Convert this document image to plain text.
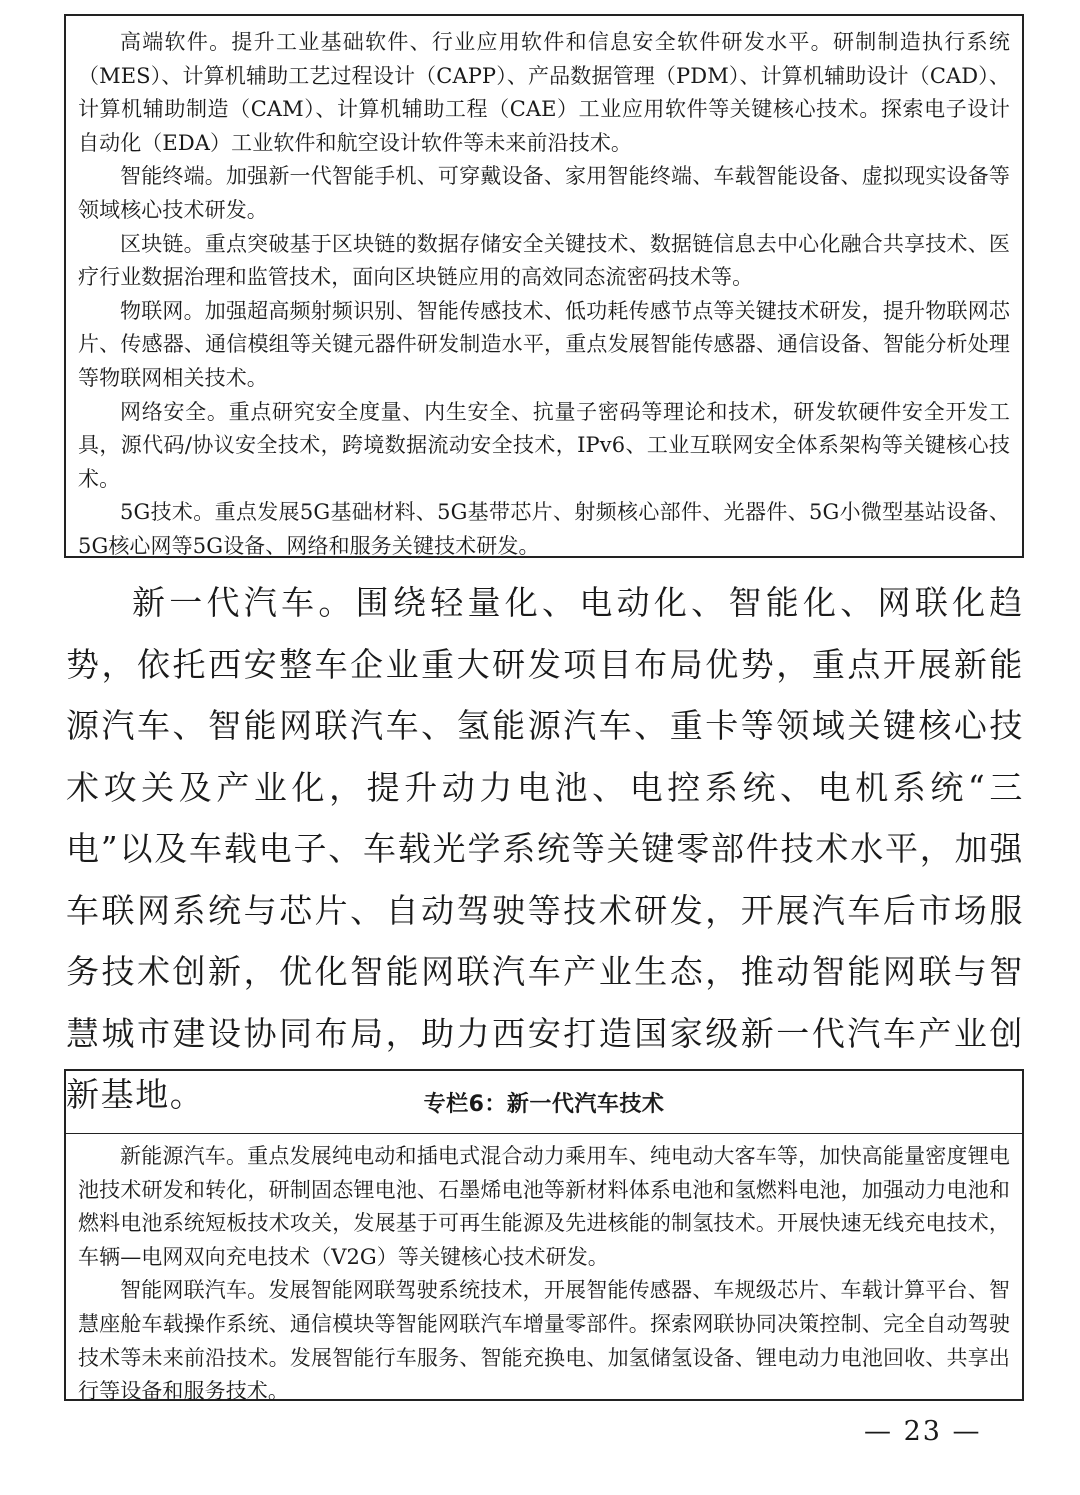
高端软件。提升工业基础软件、行业应用软件和信息安全软件研发水平。研制制造执行系统（MES）、计算机辅助工艺过程设计（CAPP）、产品数据管理（PDM）、计算机辅助设计（CAD）、计算机辅助制造（CAM）、计算机辅助工程（CAE）工业应用软件等关键核心技术。探索电子设计自动化（EDA）工业软件和航空设计软件等未来前沿技术。

智能终端。加强新一代智能手机、可穿戴设备、家用智能终端、车载智能设备、虚拟现实设备等领域核心技术研发。

区块链。重点突破基于区块链的数据存储安全关键技术、数据链信息去中心化融合共享技术、医疗行业数据治理和监管技术，面向区块链应用的高效同态流密码技术等。

物联网。加强超高频射频识别、智能传感技术、低功耗传感节点等关键技术研发，提升物联网芯片、传感器、通信模组等关键元器件研发制造水平，重点发展智能传感器、通信设备、智能分析处理等物联网相关技术。

网络安全。重点研究安全度量、内生安全、抗量子密码等理论和技术，研发软硬件安全开发工具，源代码/协议安全技术，跨境数据流动安全技术，IPv6、工业互联网安全体系架构等关键核心技术。

5G技术。重点发展5G基础材料、5G基带芯片、射频核心部件、光器件、5G小微型基站设备、5G核心网等5G设备、网络和服务关键技术研发。

新一代汽车。围绕轻量化、电动化、智能化、网联化趋势，依托西安整车企业重大研发项目布局优势，重点开展新能源汽车、智能网联汽车、氢能源汽车、重卡等领域关键核心技术攻关及产业化，提升动力电池、电控系统、电机系统“三电”以及车载电子、车载光学系统等关键零部件技术水平，加强车联网系统与芯片、自动驾驶等技术研发，开展汽车后市场服务技术创新，优化智能网联汽车产业生态，推动智能网联与智慧城市建设协同布局，助力西安打造国家级新一代汽车产业创新基地。	专栏6：新一代汽车技术

新能源汽车。重点发展纯电动和插电式混合动力乘用车、纯电动大客车等，加快高能量密度锂电池技术研发和转化，研制固态锂电池、石墨烯电池等新材料体系电池和氢燃料电池，加强动力电池和燃料电池系统短板技术攻关，发展基于可再生能源及先进核能的制氢技术。开展快速无线充电技术，车辆—电网双向充电技术（V2G）等关键核心技术研发。

智能网联汽车。发展智能网联驾驶系统技术，开展智能传感器、车规级芯片、车载计算平台、智慧座舱车载操作系统、通信模块等智能网联汽车增量零部件。探索网联协同决策控制、完全自动驾驶技术等未来前沿技术。发展智能行车服务、智能充换电、加氢储氢设备、锂电动力电池回收、共享出行等设备和服务技术。

— 23 —
